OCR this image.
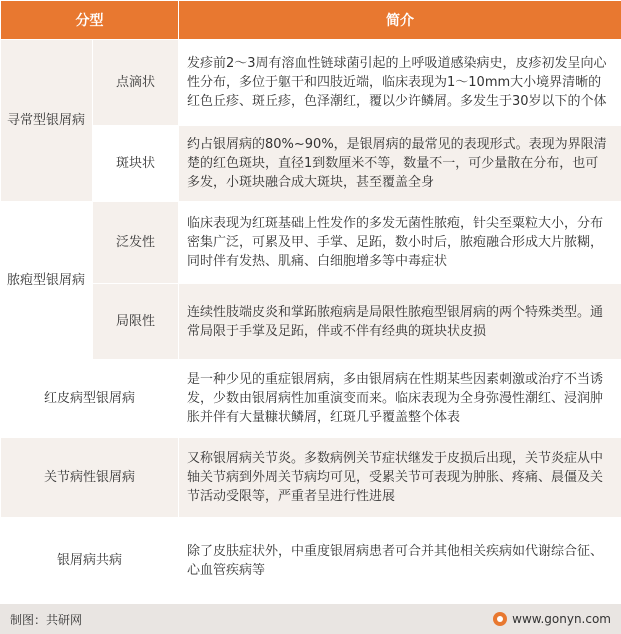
分型		简介
寻常型银屑病	点滴状	发疹前2～3周有溶血性链球菌引起的上呼吸道感染病史，皮疹初发呈向心性分布，多位于躯干和四肢近端，临床表现为1～10mm大小境界清晰的红色丘疹、斑丘疹，色泽潮红，覆以少许鳞屑。多发生于30岁以下的个体
	斑块状	约占银屑病的80%~90%，是银屑病的最常见的表现形式。表现为界限清楚的红色斑块，直径1到数厘米不等，数量不一，可少量散在分布，也可多发，小斑块融合成大斑块，甚至覆盖全身
脓疱型银屑病	泛发性	临床表现为红斑基础上性发作的多发无菌性脓疱，针尖至粟粒大小，分布密集广泛，可累及甲、手掌、足跖，数小时后，脓疱融合形成大片脓糊，同时伴有发热、肌痛、白细胞增多等中毒症状
	局限性	连续性肢端皮炎和掌跖脓疱病是局限性脓疱型银屑病的两个特殊类型。通常局限于手掌及足跖，伴或不伴有经典的斑块状皮损
红皮病型银屑病		是一种少见的重症银屑病，多由银屑病在性期某些因素刺激或治疗不当诱发，少数由银屑病性加重演变而来。临床表现为全身弥漫性潮红、浸润肿胀并伴有大量糠状鳞屑，红斑几乎覆盖整个体表
关节病性银屑病		又称银屑病关节炎。多数病例关节症状继发于皮损后出现，关节炎症从中轴关节病到外周关节病均可见，受累关节可表现为肿胀、疼痛、晨僵及关节活动受限等，严重者呈进行性进展
银屑病共病		除了皮肤症状外，中重度银屑病患者可合并其他相关疾病如代谢综合征、心血管疾病等
制图：共研网	www.gonyn.com
